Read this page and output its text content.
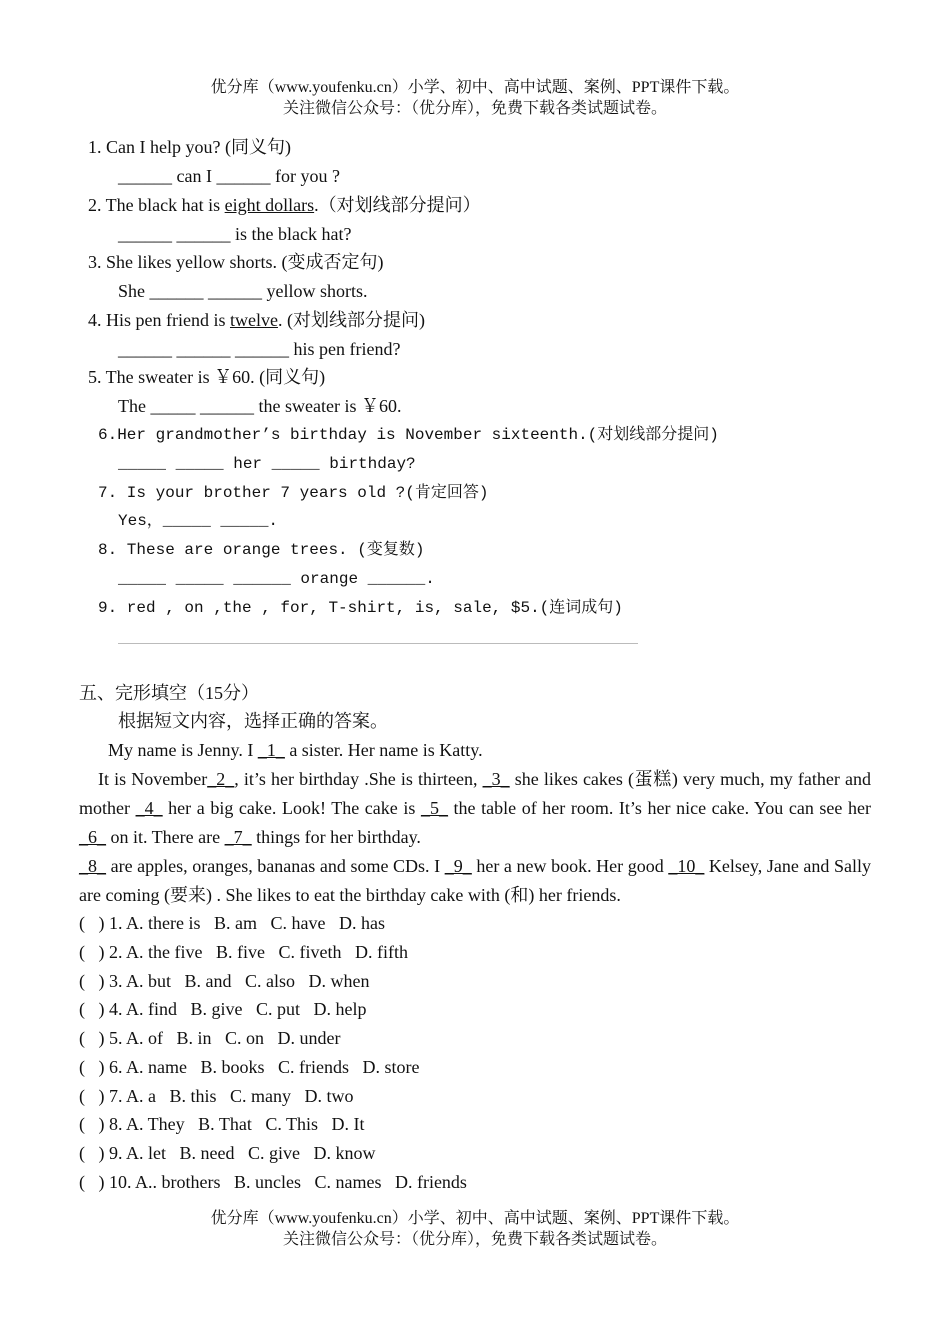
优分库（www.youfenku.cn）小学、初中、高中试题、案例、PPT课件下载。
关注微信公众号：（优分库），免费下载各类试题试卷。
1. Can I help you? (同义句)
______ can I ______ for you ?
2. The black hat is eight dollars.（对划线部分提问）
______ ______ is the black hat?
3. She likes yellow shorts. (变成否定句)
She ______ ______ yellow shorts.
4. His pen friend is twelve. (对划线部分提问)
______ ______ ______ his pen friend?
5. The sweater is ￥60. (同义句)
The _____ ______ the sweater is ￥60.
6.Her grandmother’s birthday is November sixteenth.(对划线部分提问)
_____ _____ her _____ birthday?
7. Is your brother 7 years old ?(肯定回答)
Yes，_____ _____.
8. These are orange trees. (变复数)
_____ _____ ______ orange ______.
9. red , on ,the , for, T-shirt, is, sale, $5.(连词成句)
五、完形填空（15分）
根据短文内容，选择正确的答案。
My name is Jenny. I _1_ a sister. Her name is Katty.

It is November_2_, it’s her birthday .She is thirteen, _3_ she likes cakes (蛋糕) very much, my father and mother _4_ her a big cake. Look! The cake is _5_ the table of her room. It’s her nice cake. You can see her _6_ on it. There are _7_ things for her birthday.

_8_ are apples, oranges, bananas and some CDs. I _9_ her a new book. Her good _10_ Kelsey, Jane and Sally are coming (要来) . She likes to eat the birthday cake with (和) her friends.

(   ) 1. A. there is   B. am   C. have   D. has
(   ) 2. A. the five   B. five   C. fiveth   D. fifth
(   ) 3. A. but   B. and   C. also   D. when
(   ) 4. A. find   B. give   C. put   D. help
(   ) 5. A. of   B. in   C. on   D. under
(   ) 6. A. name   B. books   C. friends   D. store
(   ) 7. A. a   B. this   C. many   D. two
(   ) 8. A. They   B. That   C. This   D. It
(   ) 9. A. let   B. need   C. give   D. know
(   ) 10. A.. brothers   B. uncles   C. names   D. friends
优分库（www.youfenku.cn）小学、初中、高中试题、案例、PPT课件下载。
关注微信公众号：（优分库），免费下载各类试题试卷。
